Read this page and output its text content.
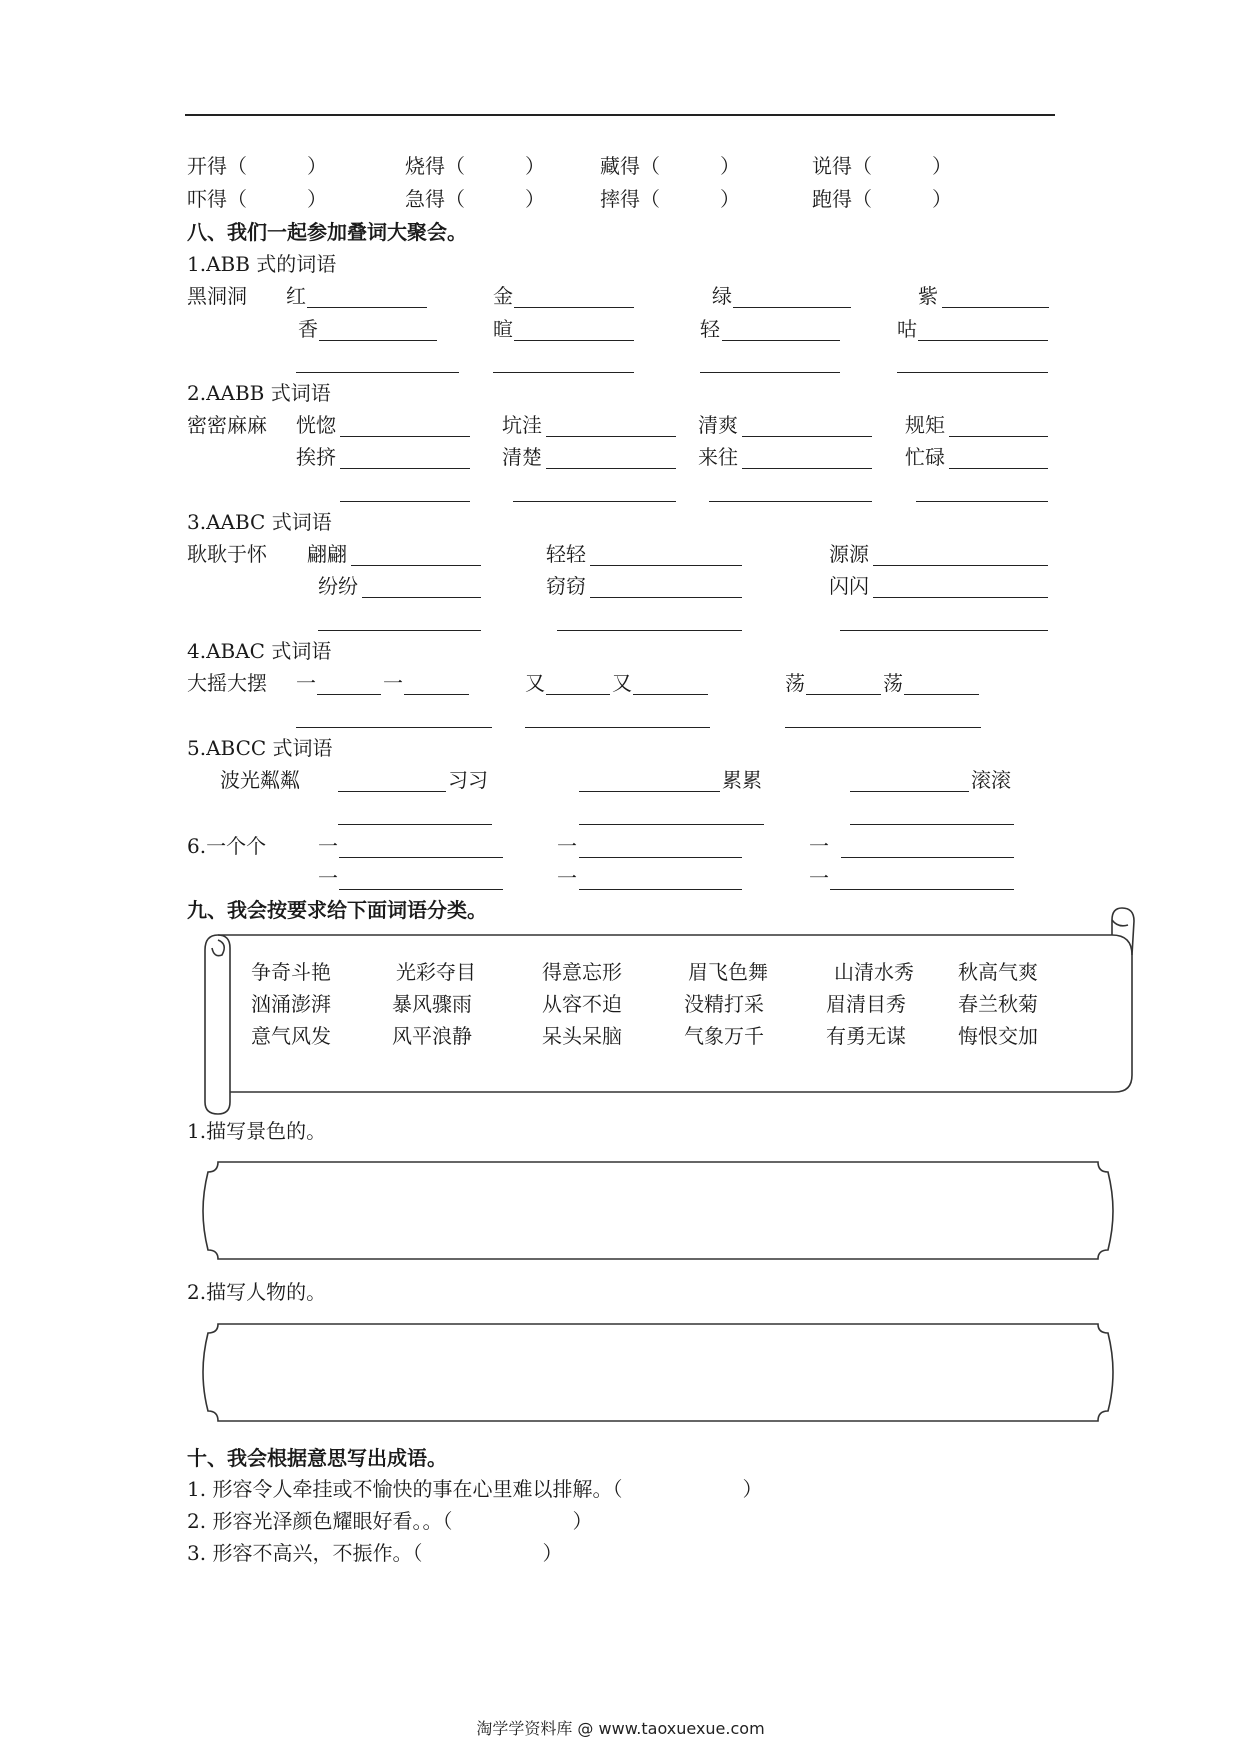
开得（　　　）	烧得（　　　）	藏得（　　　）	说得（　　　）
吓得（　　　）	急得（　　　）	摔得（　　　）	跑得（　　　）
八、我们一起参加叠词大聚会。
1.ABB 式的词语
黑洞洞 红	金	绿	紫
香	暄	轻	咕
2.AABB 式词语
密密麻麻 恍惚	坑洼	清爽	规矩
挨挤	清楚	来往	忙碌
3.AABC 式词语
耿耿于怀 翩翩	轻轻	源源
纷纷	窃窃	闪闪
4.ABAC 式词语
大摇大摆 一	一	又	又	荡	荡
5.ABCC 式词语
波光粼粼	习习	累累	滚滚
6.一个个	一	一	一
一	一	一
九、我会按要求给下面词语分类。
争奇斗艳	光彩夺目	得意忘形	眉飞色舞	山清水秀 秋高气爽
汹涌澎湃	暴风骤雨	从容不迫	没精打采	眉清目秀	春兰秋菊
意气风发	风平浪静	呆头呆脑	气象万千	有勇无谋	悔恨交加
1.描写景色的。
2.描写人物的。
十、我会根据意思写出成语。
1. 形容令人牵挂或不愉快的事在心里难以排解。（　　　　　　）
2. 形容光泽颜色耀眼好看。。（　　　　　　）
3. 形容不高兴，不振作。（　　　　　　）
淘学学资料库 @ www.taoxuexue.com
